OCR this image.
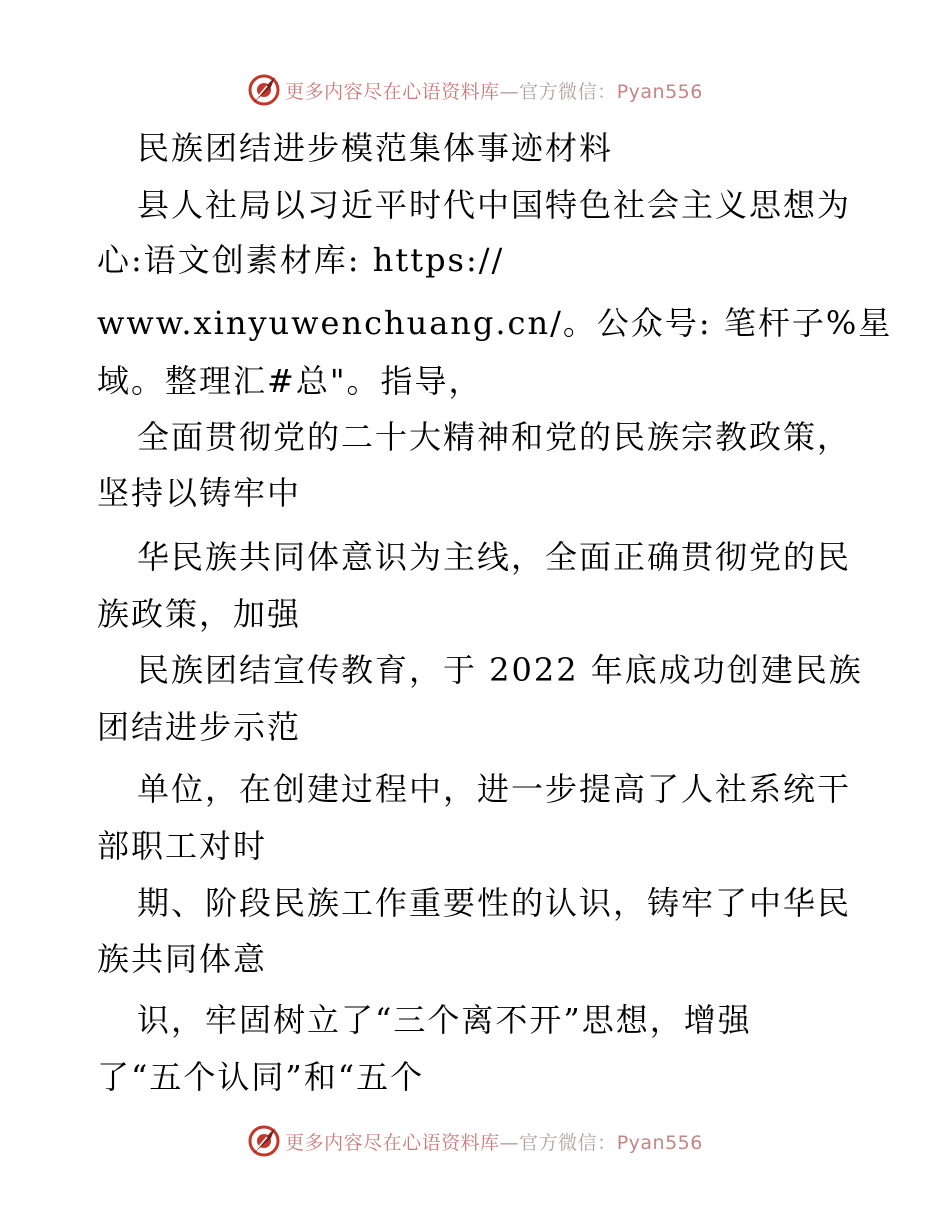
更多内容尽在心语资料库—官方微信：Pyan556
民族团结进步模范集体事迹材料
县人社局以习近平时代中国特色社会主义思想为
心:语文创素材库: https://
www.xinyuwenchuang.cn/。公众号: 笔杆子%星
域。整理汇#总"。指导，
全面贯彻党的二十大精神和党的民族宗教政策，
坚持以铸牢中
华民族共同体意识为主线，全面正确贯彻党的民
族政策，加强
民族团结宣传教育，于 2022 年底成功创建民族
团结进步示范
单位，在创建过程中，进一步提高了人社系统干
部职工对时
期、阶段民族工作重要性的认识，铸牢了中华民
族共同体意
识，牢固树立了“三个离不开”思想，增强
了“五个认同”和“五个
更多内容尽在心语资料库—官方微信：Pyan556
